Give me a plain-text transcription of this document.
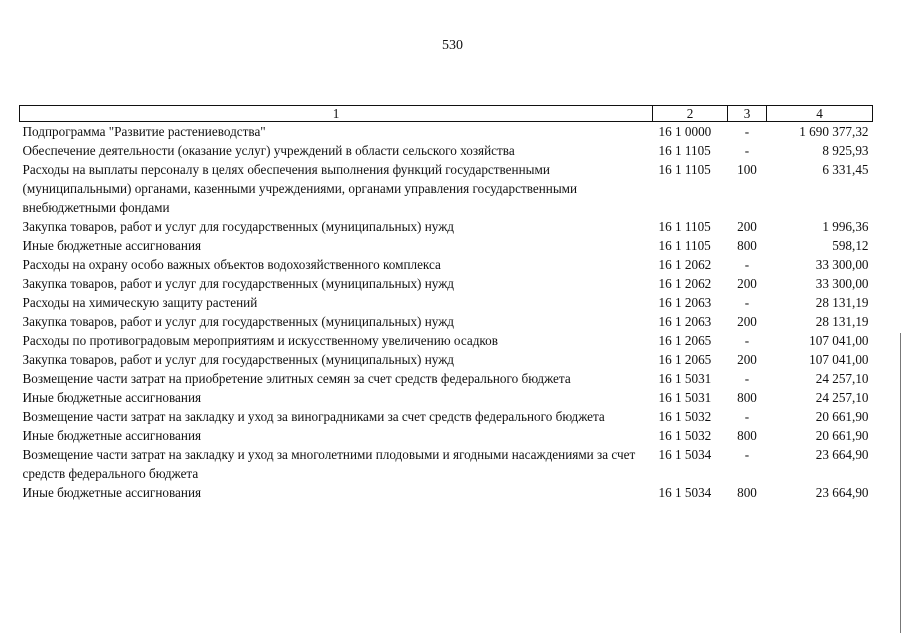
530
1	2	3	4
Подпрограмма "Развитие растениеводства"	16 1 0000	-	1 690 377,32
Обеспечение деятельности (оказание услуг) учреждений в области сельского хозяйства	16 1 1105	-	8 925,93
Расходы на выплаты персоналу в целях обеспечения выполнения функций государственными (муниципальными) органами, казенными учреждениями, органами управления государственными внебюджетными фондами	16 1 1105	100	6 331,45
Закупка товаров, работ и услуг для государственных (муниципальных) нужд	16 1 1105	200	1 996,36
Иные бюджетные ассигнования	16 1 1105	800	598,12
Расходы на охрану особо важных объектов водохозяйственного комплекса	16 1 2062	-	33 300,00
Закупка товаров, работ и услуг для государственных (муниципальных) нужд	16 1 2062	200	33 300,00
Расходы на химическую защиту растений	16 1 2063	-	28 131,19
Закупка товаров, работ и услуг для государственных (муниципальных) нужд	16 1 2063	200	28 131,19
Расходы по противоградовым мероприятиям и искусственному увеличению осадков	16 1 2065	-	107 041,00
Закупка товаров, работ и услуг для государственных (муниципальных) нужд	16 1 2065	200	107 041,00
Возмещение части затрат на приобретение элитных семян за счет средств федерального бюджета	16 1 5031	-	24 257,10
Иные бюджетные ассигнования	16 1 5031	800	24 257,10
Возмещение части затрат на закладку и уход за виноградниками за счет средств федерального бюджета	16 1 5032	-	20 661,90
Иные бюджетные ассигнования	16 1 5032	800	20 661,90
Возмещение части затрат на закладку и уход за многолетними плодовыми и ягодными насаждениями за счет средств федерального бюджета	16 1 5034	-	23 664,90
Иные бюджетные ассигнования	16 1 5034	800	23 664,90
